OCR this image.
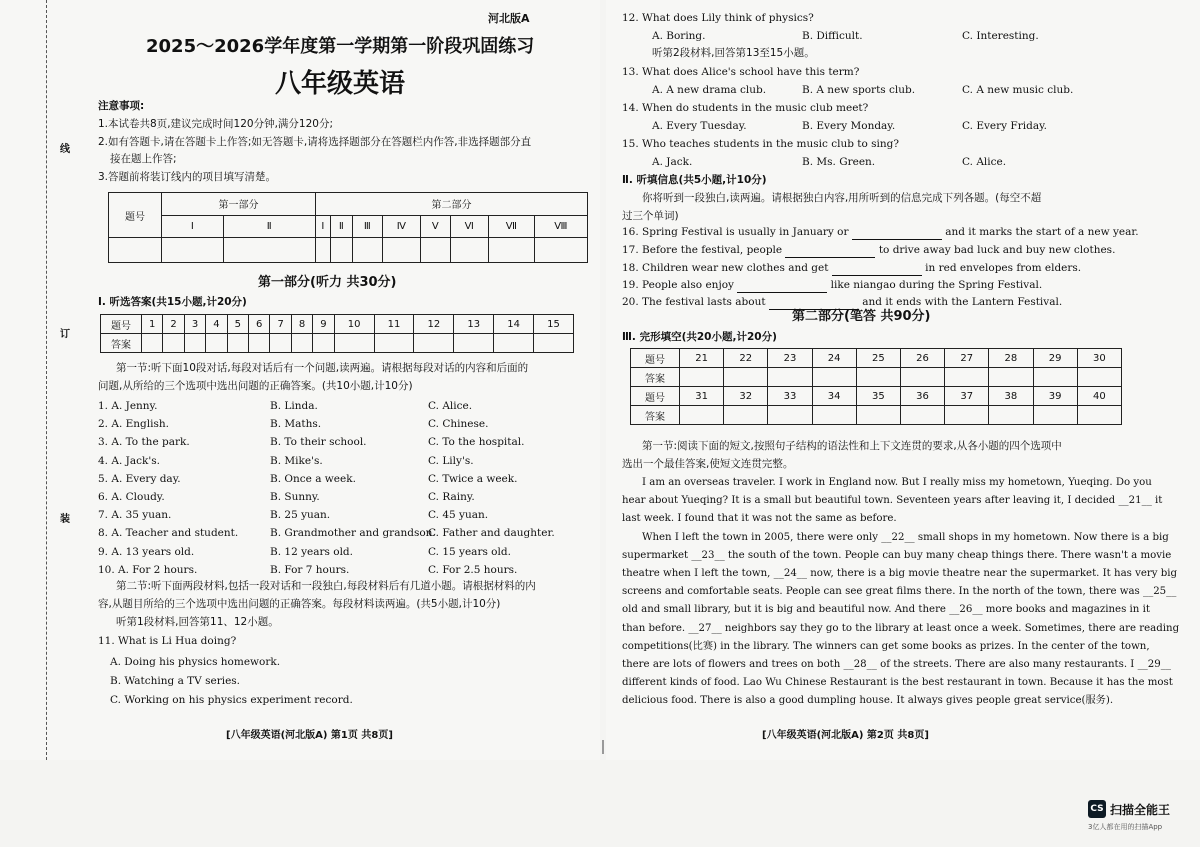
线
订
装
河北版A
2025～2026学年度第一学期第一阶段巩固练习
八年级英语
注意事项:
1.本试卷共8页,建议完成时间120分钟,满分120分;
2.如有答题卡,请在答题卡上作答;如无答题卡,请将选择题部分在答题栏内作答,非选择题部分直
接在题上作答;
3.答题前将装订线内的项目填写清楚。
题号	第一部分		第二部分							
	Ⅰ	Ⅱ	Ⅰ	Ⅱ	Ⅲ	Ⅳ	Ⅴ	Ⅵ	Ⅶ	Ⅷ

第一部分(听力 共30分)
Ⅰ. 听选答案(共15小题,计20分)
题号	1	2	3	4	5	6	7	8	9	10	11	12	13	14	15
答案															
第一节:听下面10段对话,每段对话后有一个问题,读两遍。请根据每段对话的内容和后面的
问题,从所给的三个选项中选出问题的正确答案。(共10小题,计10分)
第二节:听下面两段材料,包括一段对话和一段独白,每段材料后有几道小题。请根据材料的内
容,从题目所给的三个选项中选出问题的正确答案。每段材料读两遍。(共5小题,计10分)
听第1段材料,回答第11、12小题。
11. What is Li Hua doing?
A. Doing his physics homework.
B. Watching a TV series.
C. Working on his physics experiment record.
[八年级英语(河北版A) 第1页 共8页]
1. A. Jenny.	B. Linda.	C. Alice.
2. A. English.	B. Maths.	C. Chinese.
3. A. To the park.	B. To their school.	C. To the hospital.
4. A. Jack's.	B. Mike's.	C. Lily's.
5. A. Every day.	B. Once a week.	C. Twice a week.
6. A. Cloudy.	B. Sunny.	C. Rainy.
7. A. 35 yuan.	B. 25 yuan.	C. 45 yuan.
8. A. Teacher and student.	B. Grandmother and grandson.
C. Father and daughter.
9. A. 13 years old.	B. 12 years old.	C. 15 years old.
10. A. For 2 hours.	B. For 7 hours.	C. For 2.5 hours.
12. What does Lily think of physics?
A. Boring.	B. Difficult.	C. Interesting.
听第2段材料,回答第13至15小题。
13. What does Alice's school have this term?
A. A new drama club.	B. A new sports club.	C. A new music club.
14. When do students in the music club meet?
A. Every Tuesday.	B. Every Monday.	C. Every Friday.
15. Who teaches students in the music club to sing?
A. Jack.	B. Ms. Green.	C. Alice.
Ⅱ. 听填信息(共5小题,计10分)
你将听到一段独白,读两遍。请根据独白内容,用所听到的信息完成下列各题。(每空不超
过三个单词)
16. Spring Festival is usually in January or	and it marks the start of a new year.
17. Before the festival, people	to drive away bad luck and buy new clothes.
18. Children wear new clothes and get	in red envelopes from elders.
19. People also enjoy	like niangao during the Spring Festival.
20. The festival lasts about	and it ends with the Lantern Festival.
第二部分(笔答 共90分)
Ⅲ. 完形填空(共20小题,计20分)
题号	21	22	23	24	25	26	27	28	29	30
答案										
题号	31	32	33	34	35	36	37	38	39	40
答案										
第一节:阅读下面的短文,按照句子结构的语法性和上下文连贯的要求,从各小题的四个选项中
选出一个最佳答案,使短文连贯完整。
[八年级英语(河北版A) 第2页 共8页]
I am an overseas traveler. I work in England now. But I really miss my hometown, Yueqing. Do you
hear about Yueqing? It is a small but beautiful town. Seventeen years after leaving it, I decided __21__ it
last week. I found that it was not the same as before.
When I left the town in 2005, there were only __22__ small shops in my hometown. Now there is a big
supermarket __23__ the south of the town. People can buy many cheap things there. There wasn't a movie
theatre when I left the town, __24__ now, there is a big movie theatre near the supermarket. It has very big
screens and comfortable seats. People can see great films there. In the north of the town, there was __25__
old and small library, but it is big and beautiful now. And there __26__ more books and magazines in it
than before. __27__ neighbors say they go to the library at least once a week. Sometimes, there are reading
competitions(比赛) in the library. The winners can get some books as prizes. In the center of the town,
there are lots of flowers and trees on both __28__ of the streets. There are also many restaurants. I __29__
different kinds of food. Lao Wu Chinese Restaurant is the best restaurant in town. Because it has the most
delicious food. There is also a good dumpling house. It always gives people great service(服务).
CS 扫描全能王
3亿人都在用的扫描App
